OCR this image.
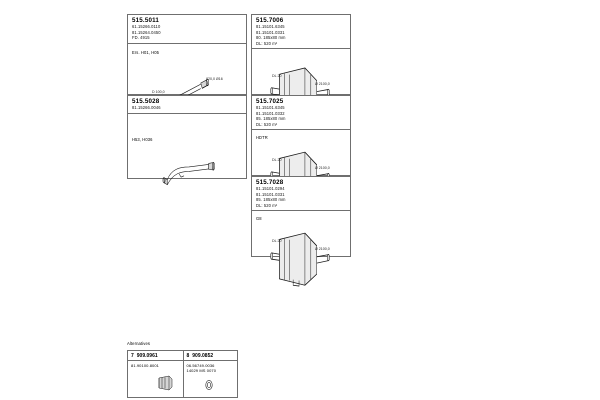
515.5011
61.15266.0110
81.15264.0450
FD. 4915
Ers. H01, H05
D 100,0
820,0 Ø16
515.5028
81.15266.0046
H53, H036
515.7006
81.15101.6345
81.15101.0331
80. 185x80 mm
DL: 520 m²
DL 20
Ø 2100,0
515.7025
81.15101.6345
81.15101.0332
85. 185x80 mm
DL: 520 m²
HDTR
DL 20
Ø 2100,0
515.7028
81.15101.0294
81.15101.0331
85. 185x80 mm
DL: 520 m²
G8
DL 20
Ø 2100,0
Alternatives
7 909.0961	8 909.0852
81.90100.8001	06.56749.0036
14029 MS 0070
